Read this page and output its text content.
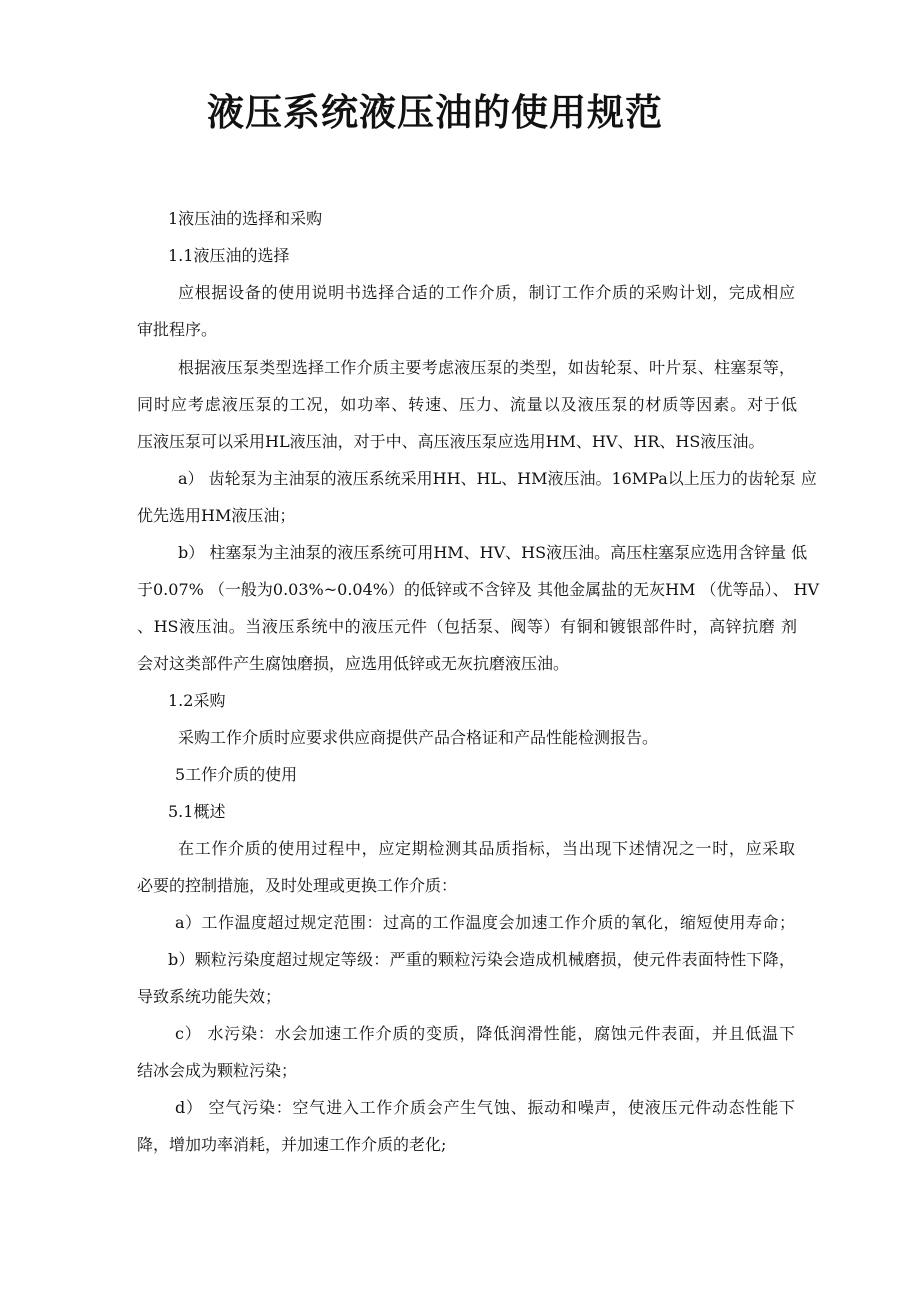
液压系统液压油的使用规范
1液压油的选择和采购
1.1液压油的选择
应根据设备的使用说明书选择合适的工作介质，制订工作介质的采购计划，完成相应
审批程序。
根据液压泵类型选择工作介质主要考虑液压泵的类型，如齿轮泵、叶片泵、柱塞泵等，
同时应考虑液压泵的工况，如功率、转速、压力、流量以及液压泵的材质等因素。对于低
压液压泵可以采用HL液压油，对于中、高压液压泵应选用HM、HV、HR、HS液压油。
a） 齿轮泵为主油泵的液压系统采用HH、HL、HM液压油。16MPa以上压力的齿轮泵 应
优先选用HM液压油；
b） 柱塞泵为主油泵的液压系统可用HM、HV、HS液压油。高压柱塞泵应选用含锌量 低
于0.07% （一般为0.03%~0.04%）的低锌或不含锌及 其他金属盐的无灰HM （优等品）、 HV
、HS液压油。当液压系统中的液压元件（包括泵、阀等）有铜和镀银部件时，高锌抗磨 剂
会对这类部件产生腐蚀磨损，应选用低锌或无灰抗磨液压油。
1.2采购
采购工作介质时应要求供应商提供产品合格证和产品性能检测报告。
5工作介质的使用
5.1概述
在工作介质的使用过程中，应定期检测其品质指标，当出现下述情况之一时，应采取
必要的控制措施，及时处理或更换工作介质：
a）工作温度超过规定范围：过高的工作温度会加速工作介质的氧化，缩短使用寿命；
b）颗粒污染度超过规定等级：严重的颗粒污染会造成机械磨损，使元件表面特性下降，
导致系统功能失效；
c） 水污染：水会加速工作介质的变质，降低润滑性能，腐蚀元件表面，并且低温下
结冰会成为颗粒污染；
d） 空气污染：空气进入工作介质会产生气蚀、振动和噪声，使液压元件动态性能下
降，增加功率消耗，并加速工作介质的老化;
